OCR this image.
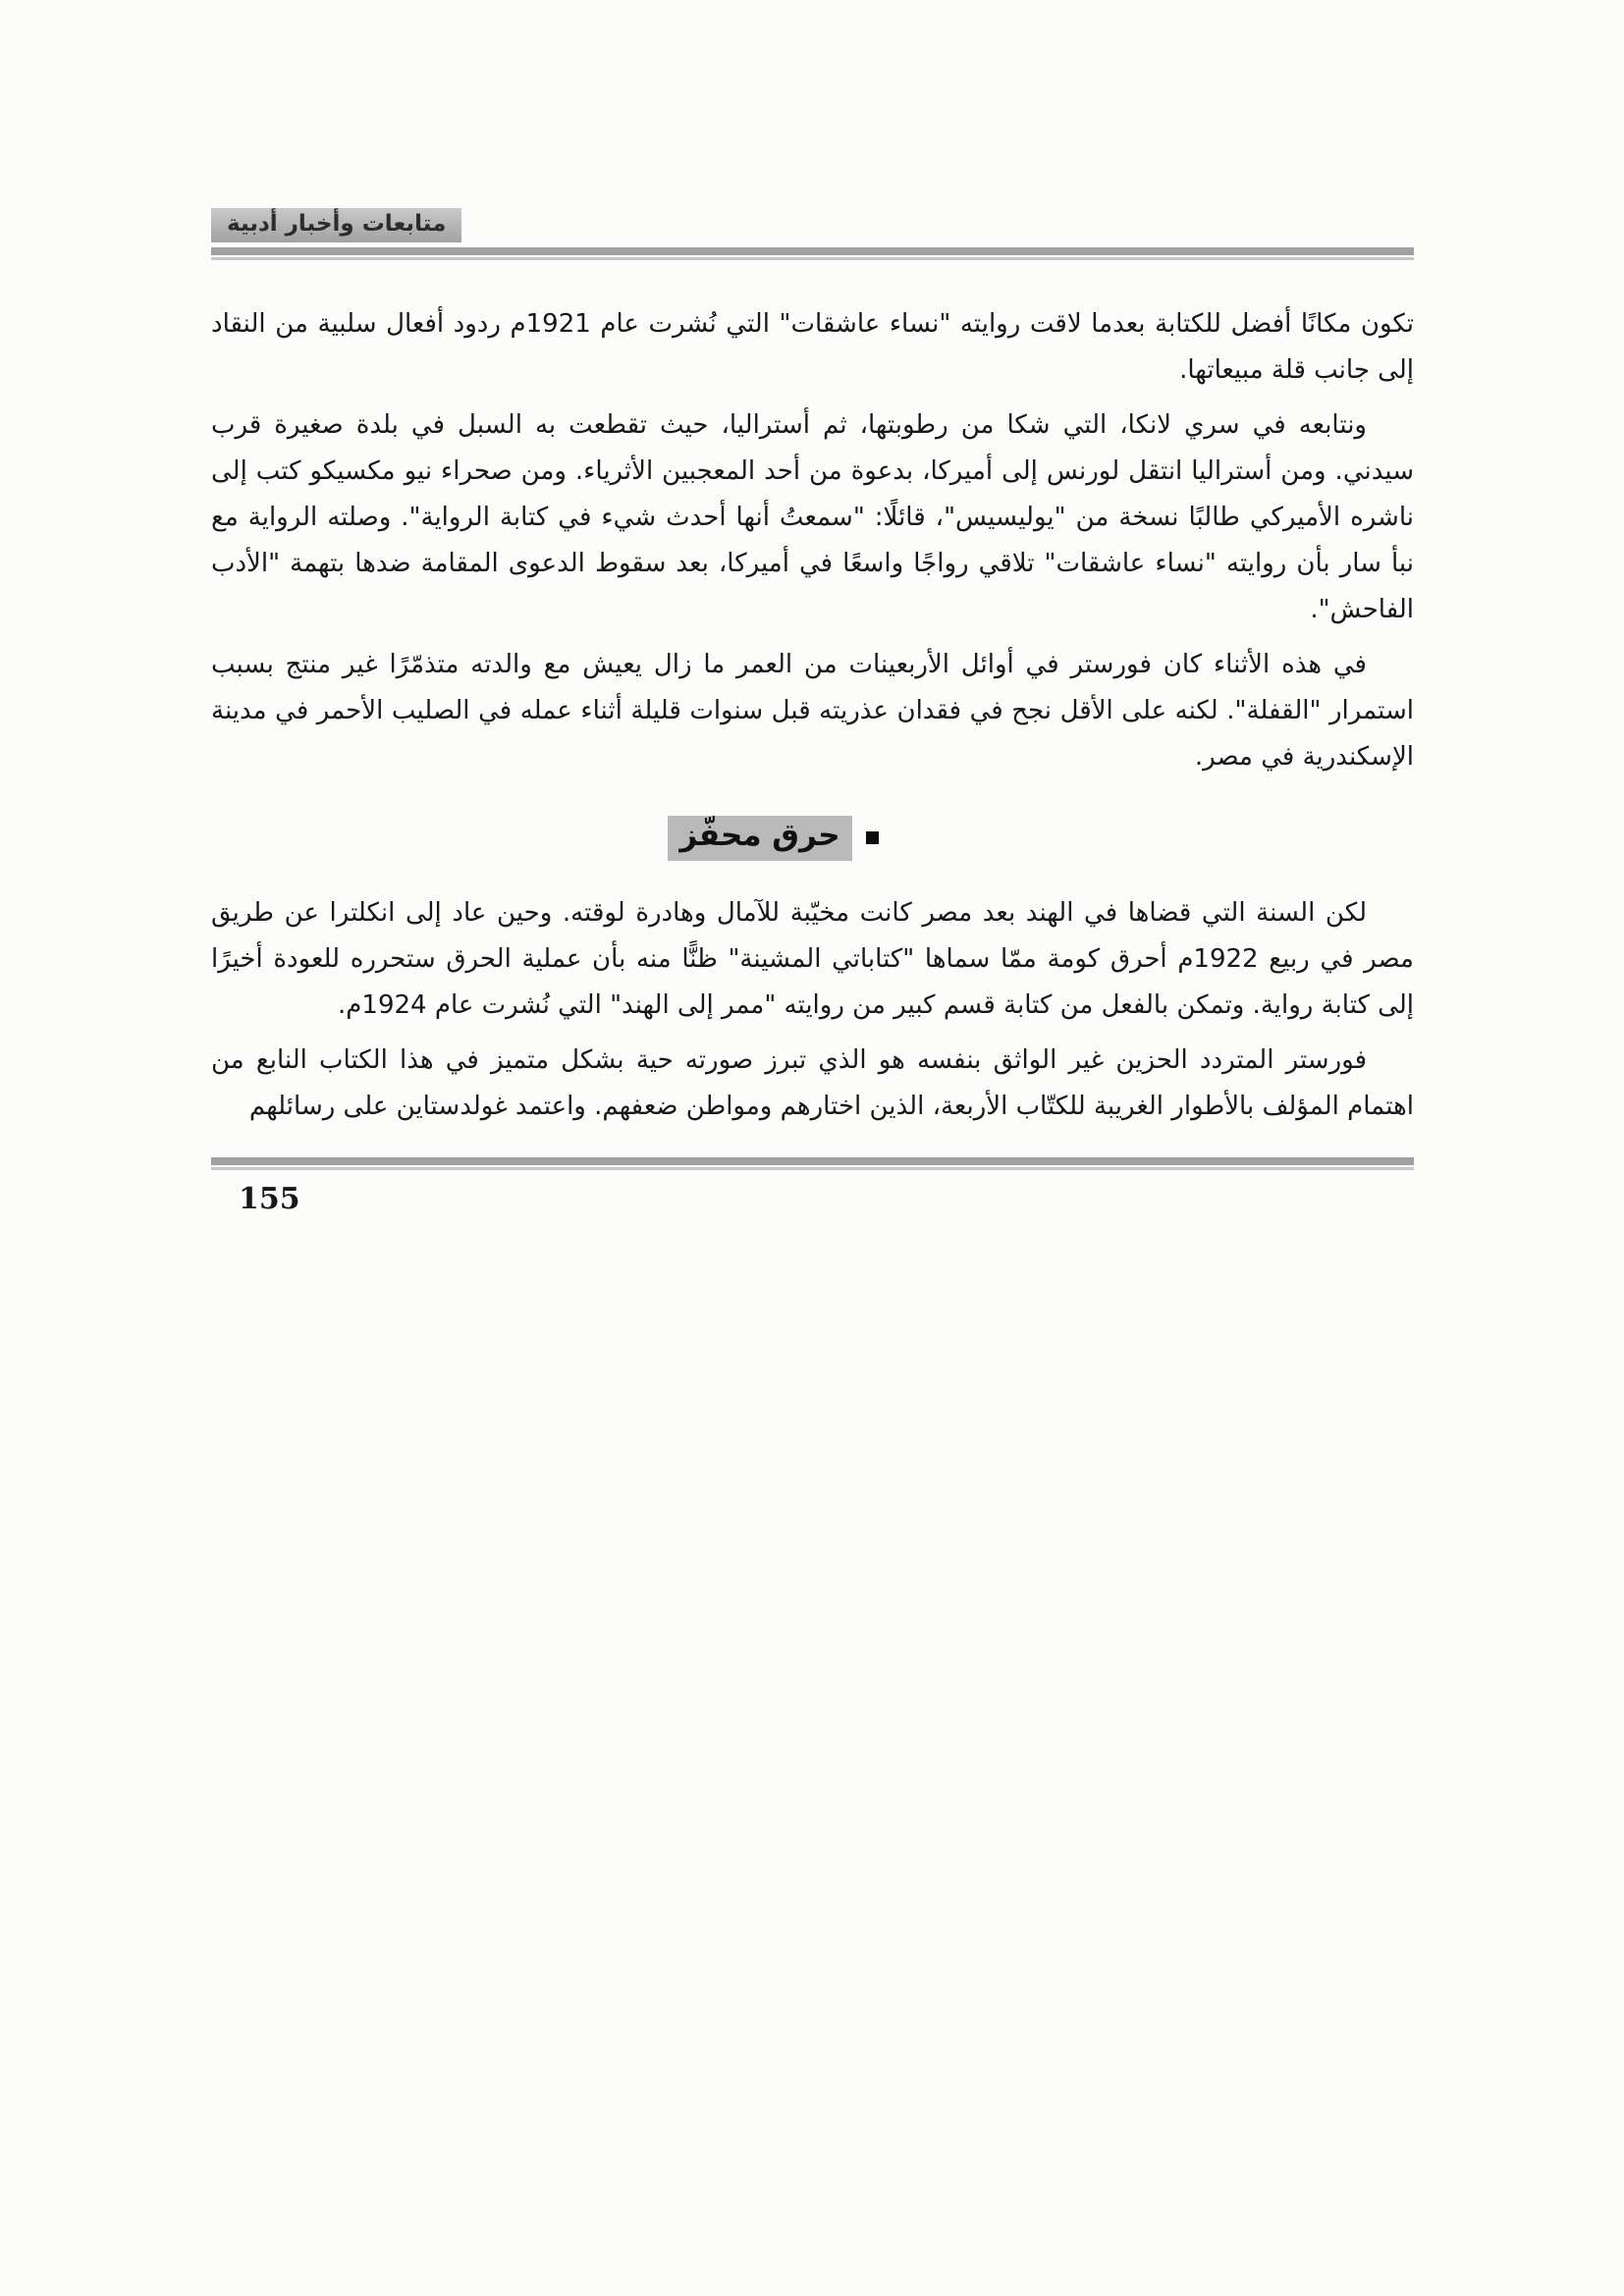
متابعات وأخبار أدبية

تكون مكانًا أفضل للكتابة بعدما لاقت روايته "نساء عاشقات" التي نُشرت عام 1921م ردود أفعال سلبية من النقاد إلى جانب قلة مبيعاتها.

ونتابعه في سري لانكا، التي شكا من رطوبتها، ثم أستراليا، حيث تقطعت به السبل في بلدة صغيرة قرب سيدني. ومن أستراليا انتقل لورنس إلى أميركا، بدعوة من أحد المعجبين الأثرياء. ومن صحراء نيو مكسيكو كتب إلى ناشره الأميركي طالبًا نسخة من "يوليسيس"، قائلًا: "سمعتُ أنها أحدث شيء في كتابة الرواية". وصلته الرواية مع نبأ سار بأن روايته "نساء عاشقات" تلاقي رواجًا واسعًا في أميركا، بعد سقوط الدعوى المقامة ضدها بتهمة "الأدب الفاحش".

في هذه الأثناء كان فورستر في أوائل الأربعينات من العمر ما زال يعيش مع والدته متذمّرًا غير منتج بسبب استمرار "القفلة". لكنه على الأقل نجح في فقدان عذريته قبل سنوات قليلة أثناء عمله في الصليب الأحمر في مدينة الإسكندرية في مصر.

حرق محفّز

لكن السنة التي قضاها في الهند بعد مصر كانت مخيّبة للآمال وهادرة لوقته. وحين عاد إلى انكلترا عن طريق مصر في ربيع 1922م أحرق كومة ممّا سماها "كتاباتي المشينة" ظنًّا منه بأن عملية الحرق ستحرره للعودة أخيرًا إلى كتابة رواية. وتمكن بالفعل من كتابة قسم كبير من روايته "ممر إلى الهند" التي نُشرت عام 1924م.

فورستر المتردد الحزين غير الواثق بنفسه هو الذي تبرز صورته حية بشكل متميز في هذا الكتاب النابع من اهتمام المؤلف بالأطوار الغريبة للكتّاب الأربعة، الذين اختارهم ومواطن ضعفهم. واعتمد غولدستاين على رسائلهم

155
